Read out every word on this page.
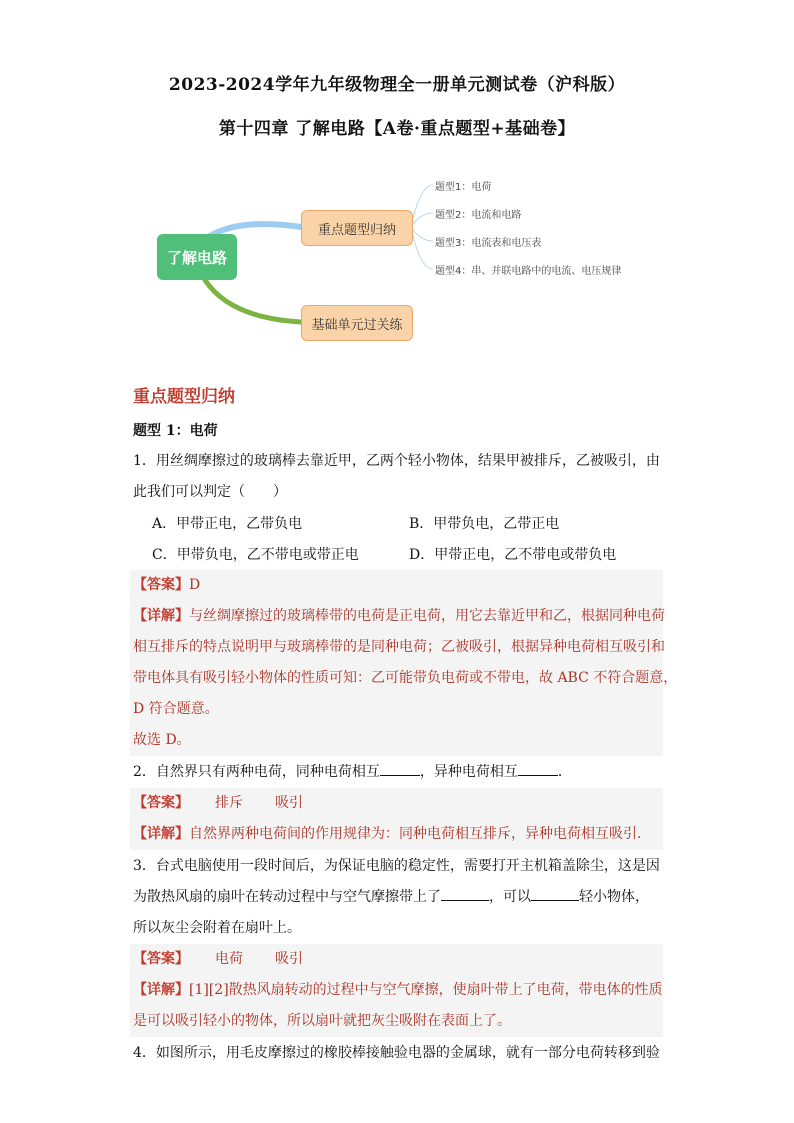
2023-2024学年九年级物理全一册单元测试卷（沪科版）
第十四章 了解电路【A卷·重点题型+基础卷】
了解电路
重点题型归纳
基础单元过关练
题型1：电荷
题型2：电流和电路
题型3：电流表和电压表
题型4：串、并联电路中的电流、电压规律
重点题型归纳
题型 1：电荷
1．用丝绸摩擦过的玻璃棒去靠近甲，乙两个轻小物体，结果甲被排斥，乙被吸引，由
此我们可以判定（　　）
A．甲带正电，乙带负电	B．甲带负电，乙带正电
C．甲带负电，乙不带电或带正电	D．甲带正电，乙不带电或带负电
【答案】D
【详解】与丝绸摩擦过的玻璃棒带的电荷是正电荷，用它去靠近甲和乙，根据同种电荷
相互排斥的特点说明甲与玻璃棒带的是同种电荷；乙被吸引，根据异种电荷相互吸引和
带电体具有吸引轻小物体的性质可知：乙可能带负电荷或不带电，故 ABC 不符合题意，
D 符合题意。
故选 D。
2．自然界只有两种电荷，同种电荷相互	，异种电荷相互	．
【答案】 排斥 吸引
【详解】自然界两种电荷间的作用规律为：同种电荷相互排斥，异种电荷相互吸引.
3．台式电脑使用一段时间后，为保证电脑的稳定性，需要打开主机箱盖除尘，这是因
为散热风扇的扇叶在转动过程中与空气摩擦带上了	，可以	轻小物体，
所以灰尘会附着在扇叶上。
【答案】 电荷 吸引
【详解】[1][2]散热风扇转动的过程中与空气摩擦，使扇叶带上了电荷，带电体的性质
是可以吸引轻小的物体，所以扇叶就把灰尘吸附在表面上了。
4．如图所示，用毛皮摩擦过的橡胶棒接触验电器的金属球，就有一部分电荷转移到验
